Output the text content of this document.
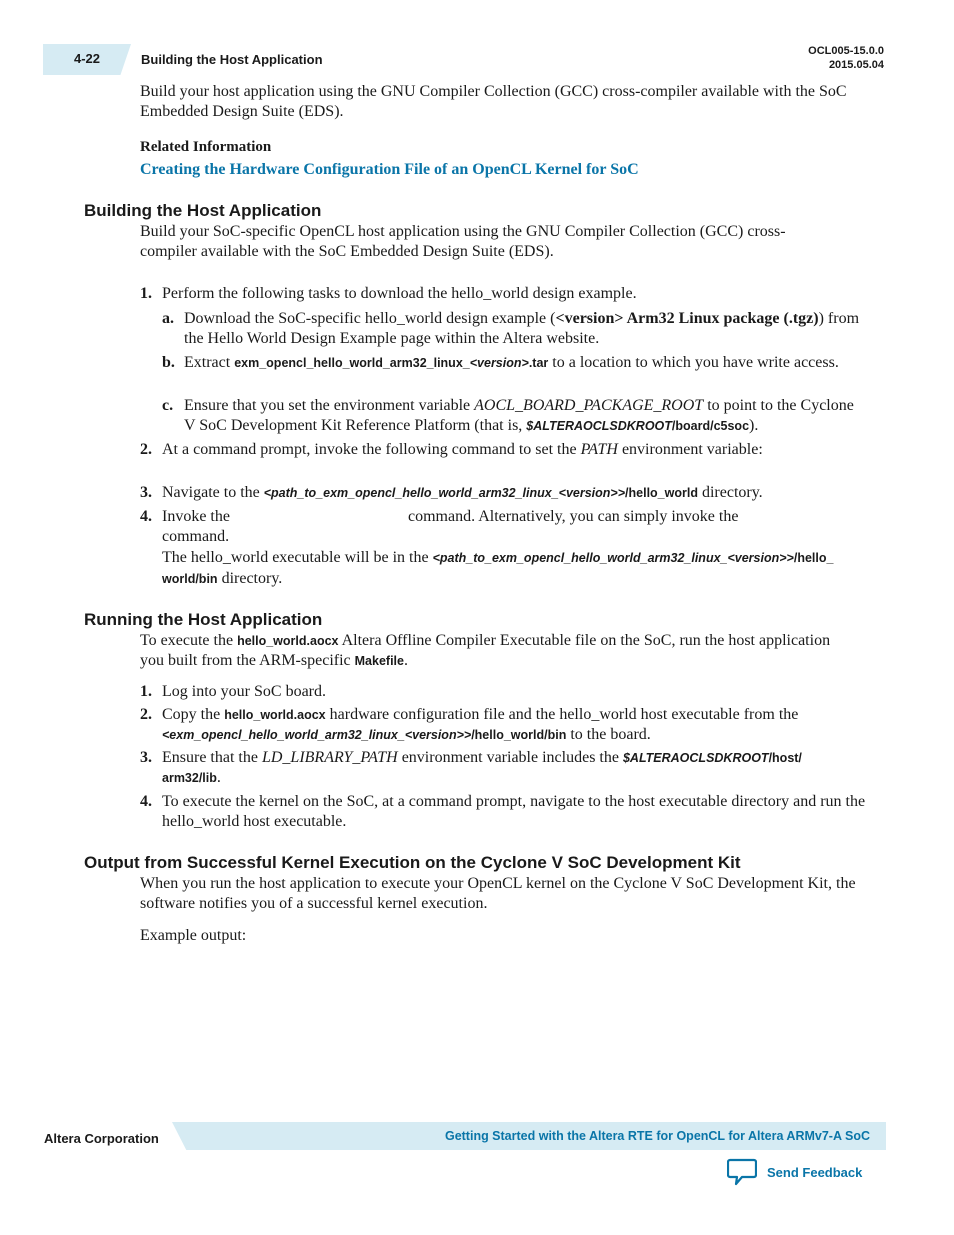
4-22	Building the Host Application
OCL005-15.0.0
2015.05.04
Build your host application using the GNU Compiler Collection (GCC) cross-compiler available with the SoC Embedded Design Suite (EDS).
Related Information
Creating the Hardware Configuration File of an OpenCL Kernel for SoC
Building the Host Application
Build your SoC-specific OpenCL host application using the GNU Compiler Collection (GCC) cross-compiler available with the SoC Embedded Design Suite (EDS).
1. Perform the following tasks to download the hello_world design example.
a. Download the SoC-specific hello_world design example (<version> Arm32 Linux package (.tgz)) from the Hello World Design Example page within the Altera website.
b. Extract exm_opencl_hello_world_arm32_linux_<version>.tar to a location to which you have write access.
c. Ensure that you set the environment variable AOCL_BOARD_PACKAGE_ROOT to point to the Cyclone V SoC Development Kit Reference Platform (that is, $ALTERAOCLSDKROOT/board/c5soc).
2. At a command prompt, invoke the following command to set the PATH environment variable:
3. Navigate to the <path_to_exm_opencl_hello_world_arm32_linux_<version>>/hello_world directory.
4. Invoke the	command. Alternatively, you can simply invoke the
command.
The hello_world executable will be in the <path_to_exm_opencl_hello_world_arm32_linux_<version>>/hello_
world/bin directory.
Running the Host Application
To execute the hello_world.aocx Altera Offline Compiler Executable file on the SoC, run the host application you built from the ARM-specific Makefile.
1. Log into your SoC board.
2. Copy the hello_world.aocx hardware configuration file and the hello_world host executable from the
<exm_opencl_hello_world_arm32_linux_<version>>/hello_world/bin to the board.
3. Ensure that the LD_LIBRARY_PATH environment variable includes the $ALTERAOCLSDKROOT/host/
arm32/lib.
4. To execute the kernel on the SoC, at a command prompt, navigate to the host executable directory and run the hello_world host executable.
Output from Successful Kernel Execution on the Cyclone V SoC Development Kit
When you run the host application to execute your OpenCL kernel on the Cyclone V SoC Development Kit, the software notifies you of a successful kernel execution.
Example output:
Altera Corporation	Getting Started with the Altera RTE for OpenCL for Altera ARMv7-A SoC
Send Feedback
